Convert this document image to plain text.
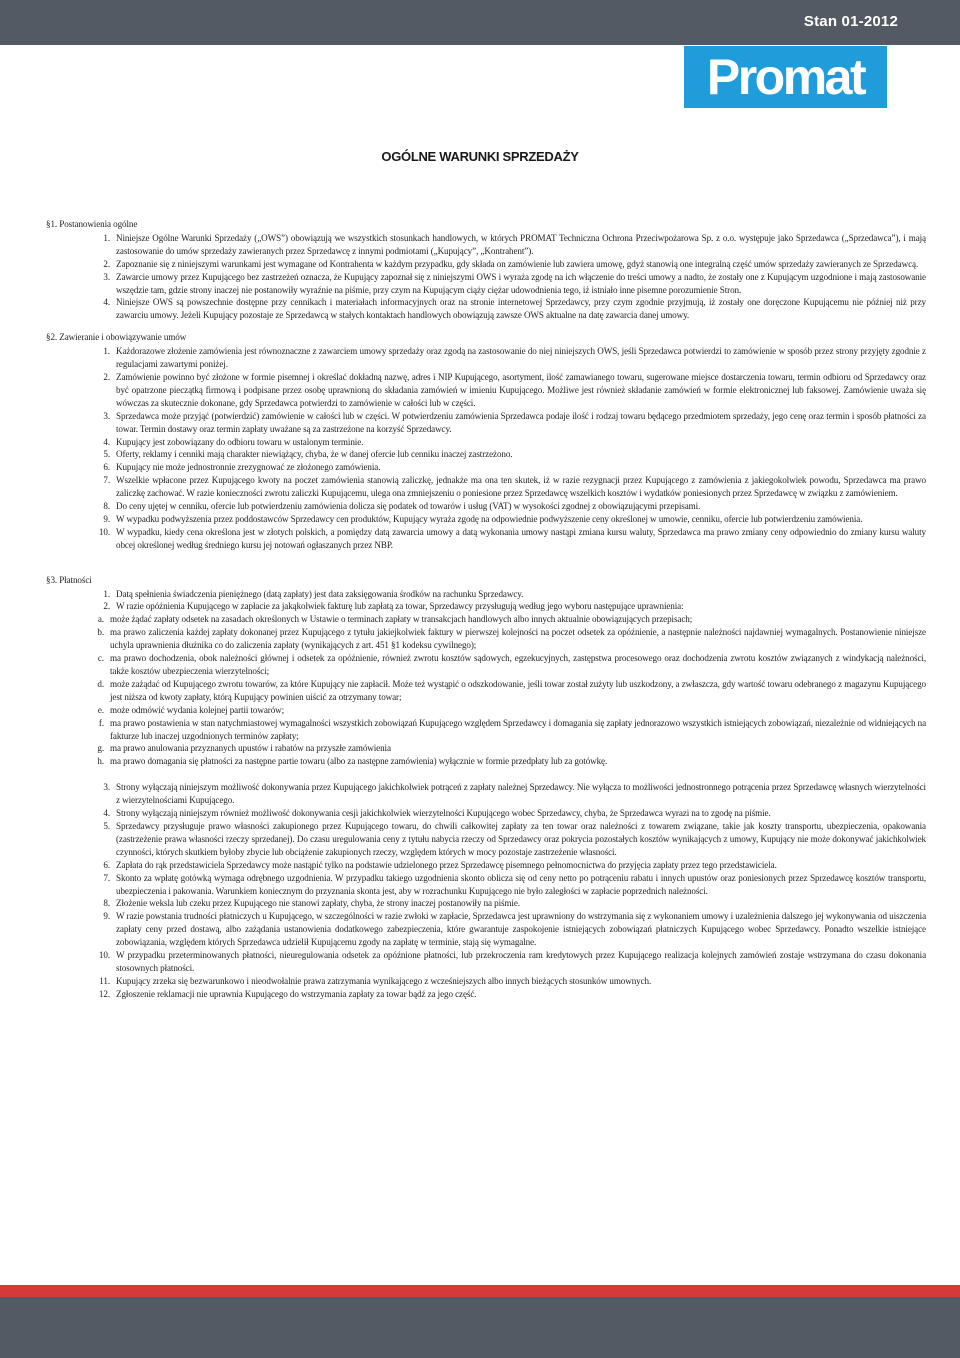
Stan 01-2012
Promat
OGÓLNE WARUNKI SPRZEDAŻY
§1. Postanowienia ogólne
1. Niniejsze Ogólne Warunki Sprzedaży („OWS”) obowiązują we wszystkich stosunkach handlowych, w których PROMAT Techniczna Ochrona Przeciwpożarowa Sp. z o.o. występuje jako Sprzedawca („Sprzedawca”), i mają zastosowanie do umów sprzedaży zawieranych przez Sprzedawcę z innymi podmiotami („Kupujący”, „Kontrahent”).
2. Zapoznanie się z niniejszymi warunkami jest wymagane od Kontrahenta w każdym przypadku, gdy składa on zamówienie lub zawiera umowę, gdyż stanowią one integralną część umów sprzedaży zawieranych ze Sprzedawcą.
3. Zawarcie umowy przez Kupującego bez zastrzeżeń oznacza, że Kupujący zapoznał się z niniejszymi OWS i wyraża zgodę na ich włączenie do treści umowy a nadto, że zostały one z Kupującym uzgodnione i mają zastosowanie wszędzie tam, gdzie strony inaczej nie postanowiły wyraźnie na piśmie, przy czym na Kupującym ciąży ciężar udowodnienia tego, iż istniało inne pisemne porozumienie Stron.
4. Niniejsze OWS są powszechnie dostępne przy cennikach i materiałach informacyjnych oraz na stronie internetowej Sprzedawcy, przy czym zgodnie przyjmują, iż zostały one doręczone Kupującemu nie później niż przy zawarciu umowy. Jeżeli Kupujący pozostaje ze Sprzedawcą w stałych kontaktach handlowych obowiązują zawsze OWS aktualne na datę zawarcia danej umowy.
§2. Zawieranie i obowiązywanie umów
1. Każdorazowe złożenie zamówienia jest równoznaczne z zawarciem umowy sprzedaży oraz zgodą na zastosowanie do niej niniejszych OWS, jeśli Sprzedawca potwierdzi to zamówienie w sposób przez strony przyjęty zgodnie z regulacjami zawartymi poniżej.
2. Zamówienie powinno być złożone w formie pisemnej i określać dokładną nazwę, adres i NIP Kupującego, asortyment, ilość zamawianego towaru, sugerowane miejsce dostarczenia towaru, termin odbioru od Sprzedawcy oraz być opatrzone pieczątką firmową i podpisane przez osobę uprawnioną do składania zamówień w imieniu Kupującego. Możliwe jest również składanie zamówień w formie elektronicznej lub faksowej. Zamówienie uważa się wówczas za skutecznie dokonane, gdy Sprzedawca potwierdzi to zamówienie w całości lub w części.
3. Sprzedawca może przyjąć (potwierdzić) zamówienie w całości lub w części. W potwierdzeniu zamówienia Sprzedawca podaje ilość i rodzaj towaru będącego przedmiotem sprzedaży, jego cenę oraz termin i sposób płatności za towar. Termin dostawy oraz termin zapłaty uważane są za zastrzeżone na korzyść Sprzedawcy.
4. Kupujący jest zobowiązany do odbioru towaru w ustalonym terminie.
5. Oferty, reklamy i cenniki mają charakter niewiążący, chyba, że w danej ofercie lub cenniku inaczej zastrzeżono.
6. Kupujący nie może jednostronnie zrezygnować ze złożonego zamówienia.
7. Wszelkie wpłacone przez Kupującego kwoty na poczet zamówienia stanowią zaliczkę, jednakże ma ona ten skutek, iż w razie rezygnacji przez Kupującego z zamówienia z jakiegokolwiek powodu, Sprzedawca ma prawo zaliczkę zachować. W razie konieczności zwrotu zaliczki Kupującemu, ulega ona zmniejszeniu o poniesione przez Sprzedawcę wszelkich kosztów i wydatków poniesionych przez Sprzedawcę w związku z zamówieniem.
8. Do ceny ujętej w cenniku, ofercie lub potwierdzeniu zamówienia dolicza się podatek od towarów i usług (VAT) w wysokości zgodnej z obowiązującymi przepisami.
9. W wypadku podwyższenia przez poddostawców Sprzedawcy cen produktów, Kupujący wyraża zgodę na odpowiednie podwyższenie ceny określonej w umowie, cenniku, ofercie lub potwierdzeniu zamówienia.
10. W wypadku, kiedy cena określona jest w złotych polskich, a pomiędzy datą zawarcia umowy a datą wykonania umowy nastąpi zmiana kursu waluty, Sprzedawca ma prawo zmiany ceny odpowiednio do zmiany kursu waluty obcej określonej według średniego kursu jej notowań ogłaszanych przez NBP.
§3. Płatności
1. Datą spełnienia świadczenia pieniężnego (datą zapłaty) jest data zaksięgowania środków na rachunku Sprzedawcy.
2. W razie opóźnienia Kupującego w zapłacie za jakąkolwiek fakturę lub zapłatą za towar, Sprzedawcy przysługują według jego wyboru następujące uprawnienia:
a. może żądać zapłaty odsetek na zasadach określonych w Ustawie o terminach zapłaty w transakcjach handlowych albo innych aktualnie obowiązujących przepisach;
b. ma prawo zaliczenia każdej zapłaty dokonanej przez Kupującego z tytułu jakiejkolwiek faktury w pierwszej kolejności na poczet odsetek za opóźnienie, a następnie należności najdawniej wymagalnych. Postanowienie niniejsze uchyla uprawnienia dłużnika co do zaliczenia zapłaty (wynikających z art. 451 §1 kodeksu cywilnego);
c. ma prawo dochodzenia, obok należności głównej i odsetek za opóźnienie, również zwrotu kosztów sądowych, egzekucyjnych, zastępstwa procesowego oraz dochodzenia zwrotu kosztów związanych z windykacją należności, także kosztów ubezpieczenia wierzytelności;
d. może zażądać od Kupującego zwrotu towarów, za które Kupujący nie zapłacił. Może też wystąpić o odszkodowanie, jeśli towar został zużyty lub uszkodzony, a zwłaszcza, gdy wartość towaru odebranego z magazynu Kupującego jest niższa od kwoty zapłaty, którą Kupujący powinien uiścić za otrzymany towar;
e. może odmówić wydania kolejnej partii towarów;
f. ma prawo postawienia w stan natychmiastowej wymagalności wszystkich zobowiązań Kupującego względem Sprzedawcy i domagania się zapłaty jednorazowo wszystkich istniejących zobowiązań, niezależnie od widniejących na fakturze lub inaczej uzgodnionych terminów zapłaty;
g. ma prawo anulowania przyznanych upustów i rabatów na przyszłe zamówienia
h. ma prawo domagania się płatności za następne partie towaru (albo za następne zamówienia) wyłącznie w formie przedpłaty lub za gotówkę.
3. Strony wyłączają niniejszym możliwość dokonywania przez Kupującego jakichkolwiek potrąceń z zapłaty należnej Sprzedawcy. Nie wyłącza to możliwości jednostronnego potrącenia przez Sprzedawcę własnych wierzytelności z wierzytelnościami Kupującego.
4. Strony wyłączają niniejszym również możliwość dokonywania cesji jakichkolwiek wierzytelności Kupującego wobec Sprzedawcy, chyba, że Sprzedawca wyrazi na to zgodę na piśmie.
5. Sprzedawcy przysługuje prawo własności zakupionego przez Kupującego towaru, do chwili całkowitej zapłaty za ten towar oraz należności z towarem związane, takie jak koszty transportu, ubezpieczenia, opakowania (zastrzeżenie prawa własności rzeczy sprzedanej). Do czasu uregulowania ceny z tytułu nabycia rzeczy od Sprzedawcy oraz pokrycia pozostałych kosztów wynikających z umowy, Kupujący nie może dokonywać jakichkolwiek czynności, których skutkiem byłoby zbycie lub obciążenie zakupionych rzeczy, względem których w mocy pozostaje zastrzeżenie własności.
6. Zapłata do rąk przedstawiciela Sprzedawcy może nastąpić tylko na podstawie udzielonego przez Sprzedawcę pisemnego pełnomocnictwa do przyjęcia zapłaty przez tego przedstawiciela.
7. Skonto za wpłatę gotówką wymaga odrębnego uzgodnienia. W przypadku takiego uzgodnienia skonto oblicza się od ceny netto po potrąceniu rabatu i innych upustów oraz poniesionych przez Sprzedawcę kosztów transportu, ubezpieczenia i pakowania. Warunkiem koniecznym do przyznania skonta jest, aby w rozrachunku Kupującego nie było zaległości w zapłacie poprzednich należności.
8. Złożenie weksla lub czeku przez Kupującego nie stanowi zapłaty, chyba, że strony inaczej postanowiły na piśmie.
9. W razie powstania trudności płatniczych u Kupującego, w szczególności w razie zwłoki w zapłacie, Sprzedawca jest uprawniony do wstrzymania się z wykonaniem umowy i uzależnienia dalszego jej wykonywania od uiszczenia zapłaty ceny przed dostawą, albo zażądania ustanowienia dodatkowego zabezpieczenia, które gwarantuje zaspokojenie istniejących zobowiązań płatniczych Kupującego wobec Sprzedawcy. Ponadto wszelkie istniejące zobowiązania, względem których Sprzedawca udzielił Kupującemu zgody na zapłatę w terminie, stają się wymagalne.
10. W przypadku przeterminowanych płatności, nieuregulowania odsetek za opóźnione płatności, lub przekroczenia ram kredytowych przez Kupującego realizacja kolejnych zamówień zostaje wstrzymana do czasu dokonania stosownych płatności.
11. Kupujący zrzeka się bezwarunkowo i nieodwołalnie prawa zatrzymania wynikającego z wcześniejszych albo innych bieżących stosunków umownych.
12. Zgłoszenie reklamacji nie uprawnia Kupującego do wstrzymania zapłaty za towar bądź za jego część.
